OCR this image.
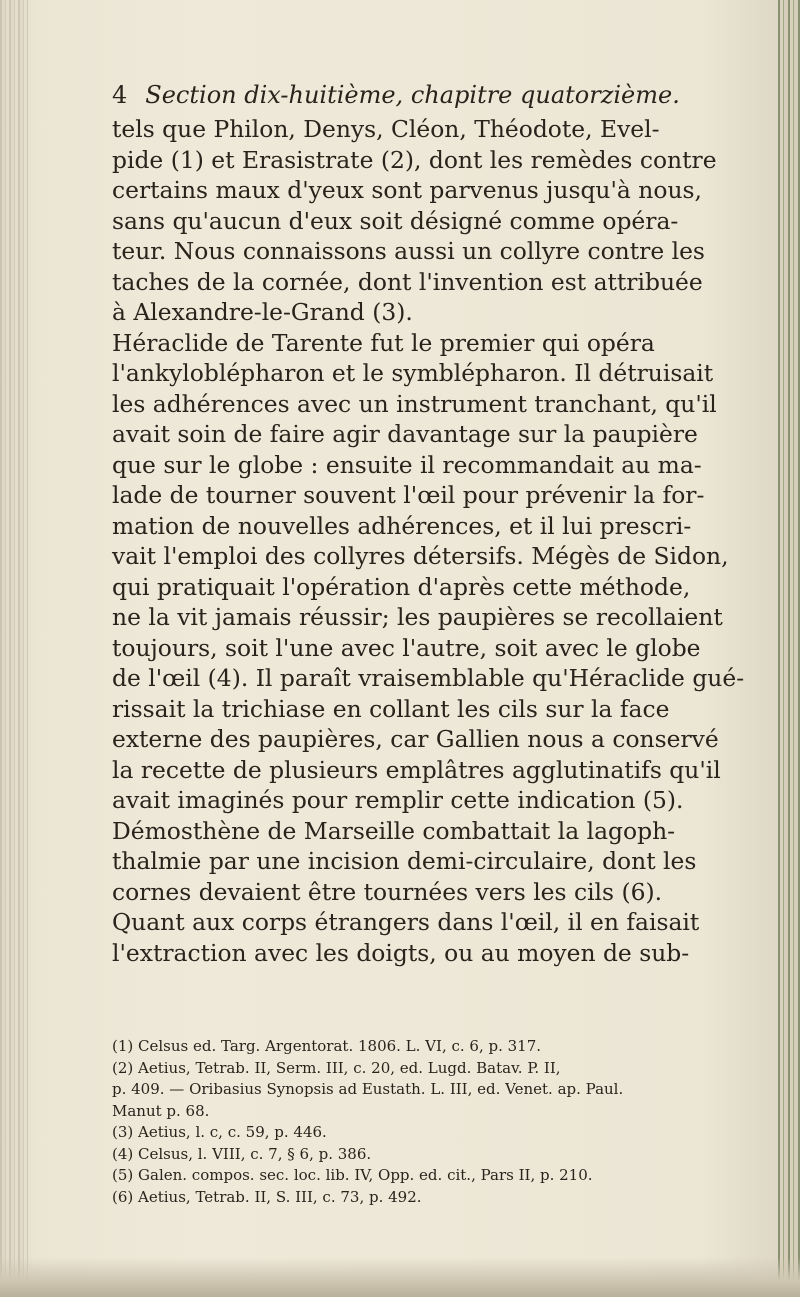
4 Section dix-huitième, chapitre quatorzième.
tels que Philon, Denys, Cléon, Théodote, Evel-
pide (1) et Erasistrate (2), dont les remèdes contre
certains maux d'yeux sont parvenus jusqu'à nous,
sans qu'aucun d'eux soit désigné comme opéra-
teur. Nous connaissons aussi un collyre contre les
taches de la cornée, dont l'invention est attribuée
à Alexandre-le-Grand (3).
Héraclide de Tarente fut le premier qui opéra
l'ankyloblépharon et le symblépharon. Il détruisait
les adhérences avec un instrument tranchant, qu'il
avait soin de faire agir davantage sur la paupière
que sur le globe : ensuite il recommandait au ma-
lade de tourner souvent l'œil pour prévenir la for-
mation de nouvelles adhérences, et il lui prescri-
vait l'emploi des collyres détersifs. Mégès de Sidon,
qui pratiquait l'opération d'après cette méthode,
ne la vit jamais réussir; les paupières se recollaient
toujours, soit l'une avec l'autre, soit avec le globe
de l'œil (4). Il paraît vraisemblable qu'Héraclide gué-
rissait la trichiase en collant les cils sur la face
externe des paupières, car Gallien nous a conservé
la recette de plusieurs emplâtres agglutinatifs qu'il
avait imaginés pour remplir cette indication (5).
Démosthène de Marseille combattait la lagoph-
thalmie par une incision demi-circulaire, dont les
cornes devaient être tournées vers les cils (6).
Quant aux corps étrangers dans l'œil, il en faisait
l'extraction avec les doigts, ou au moyen de sub-
(1) Celsus ed. Targ. Argentorat. 1806. L. VI, c. 6, p. 317.
(2) Aetius, Tetrab. II, Serm. III, c. 20, ed. Lugd. Batav. P. II,
p. 409. — Oribasius Synopsis ad Eustath. L. III, ed. Venet. ap. Paul.
Manut p. 68.
(3) Aetius, l. c, c. 59, p. 446.
(4) Celsus, l. VIII, c. 7, § 6, p. 386.
(5) Galen. compos. sec. loc. lib. IV, Opp. ed. cit., Pars II, p. 210.
(6) Aetius, Tetrab. II, S. III, c. 73, p. 492.
